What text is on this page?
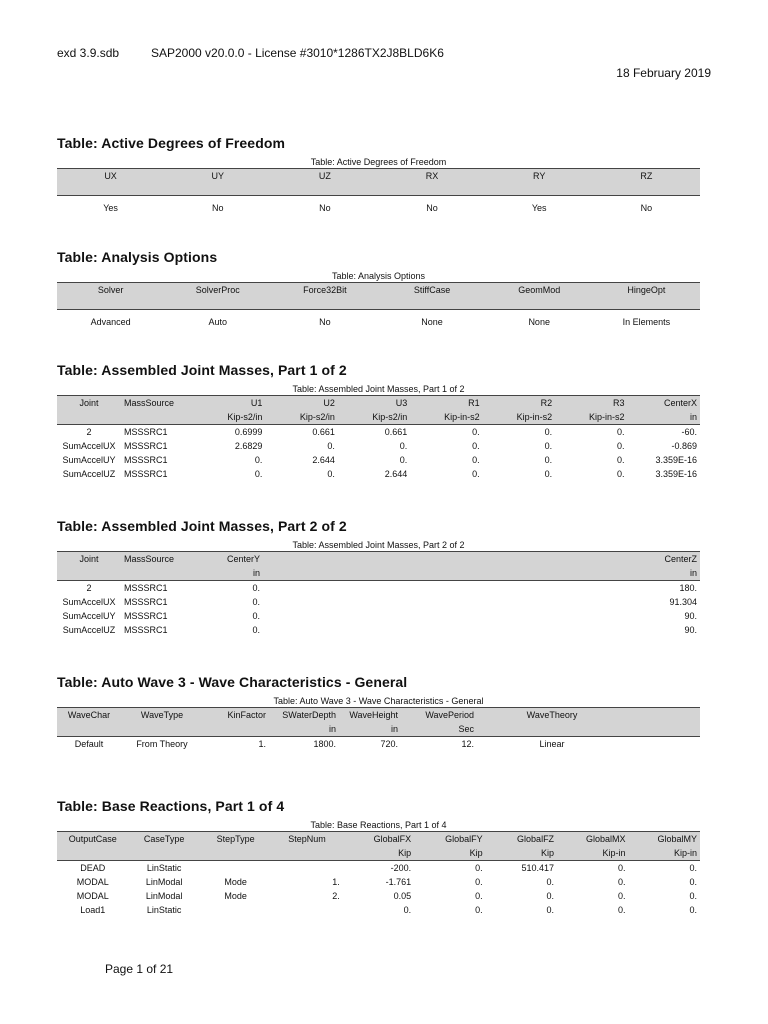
exd 3.9.sdb	SAP2000 v20.0.0 - License #3010*1286TX2J8BLD6K6
18 February 2019
Table: Active Degrees of Freedom
Table: Active Degrees of Freedom
UX	UY	UZ	RX	RY	RZ
Yes	No	No	No	Yes	No
Table: Analysis Options
Table: Analysis Options
Solver	SolverProc	Force32Bit	StiffCase	GeomMod	HingeOpt
Advanced	Auto	No	None	None	In Elements
Table: Assembled Joint Masses, Part 1 of 2
Table: Assembled Joint Masses, Part 1 of 2
Joint	MassSource	U1	U2	U3	R1	R2	R3	CenterX
		Kip-s2/in	Kip-s2/in	Kip-s2/in	Kip-in-s2	Kip-in-s2	Kip-in-s2	in
2	MSSSRC1	0.6999	0.661	0.661	0.	0.	0.	-60.
SumAccelUX	MSSSRC1	2.6829	0.	0.	0.	0.	0.	-0.869
SumAccelUY	MSSSRC1	0.	2.644	0.	0.	0.	0.	3.359E-16
SumAccelUZ	MSSSRC1	0.	0.	2.644	0.	0.	0.	3.359E-16
Table: Assembled Joint Masses, Part 2 of 2
Table: Assembled Joint Masses, Part 2 of 2
Joint	MassSource	CenterY		CenterZ
		in		in
2	MSSSRC1	0.		180.
SumAccelUX	MSSSRC1	0.		91.304
SumAccelUY	MSSSRC1	0.		90.
SumAccelUZ	MSSSRC1	0.		90.
Table: Auto Wave 3 - Wave Characteristics - General
Table: Auto Wave 3 - Wave Characteristics - General
WaveChar	WaveType	KinFactor	SWaterDepth	WaveHeight	WavePeriod	WaveTheory	
			in	in	Sec		
Default	From Theory	1.	1800.	720.	12.	Linear	
Table: Base Reactions, Part 1 of 4
Table: Base Reactions, Part 1 of 4
OutputCase	CaseType	StepType	StepNum	GlobalFX	GlobalFY	GlobalFZ	GlobalMX	GlobalMY
				Kip	Kip	Kip	Kip-in	Kip-in
DEAD	LinStatic			-200.	0.	510.417	0.	0.
MODAL	LinModal	Mode	1.	-1.761	0.	0.	0.	0.
MODAL	LinModal	Mode	2.	0.05	0.	0.	0.	0.
Load1	LinStatic			0.	0.	0.	0.	0.
Page 1 of 21
